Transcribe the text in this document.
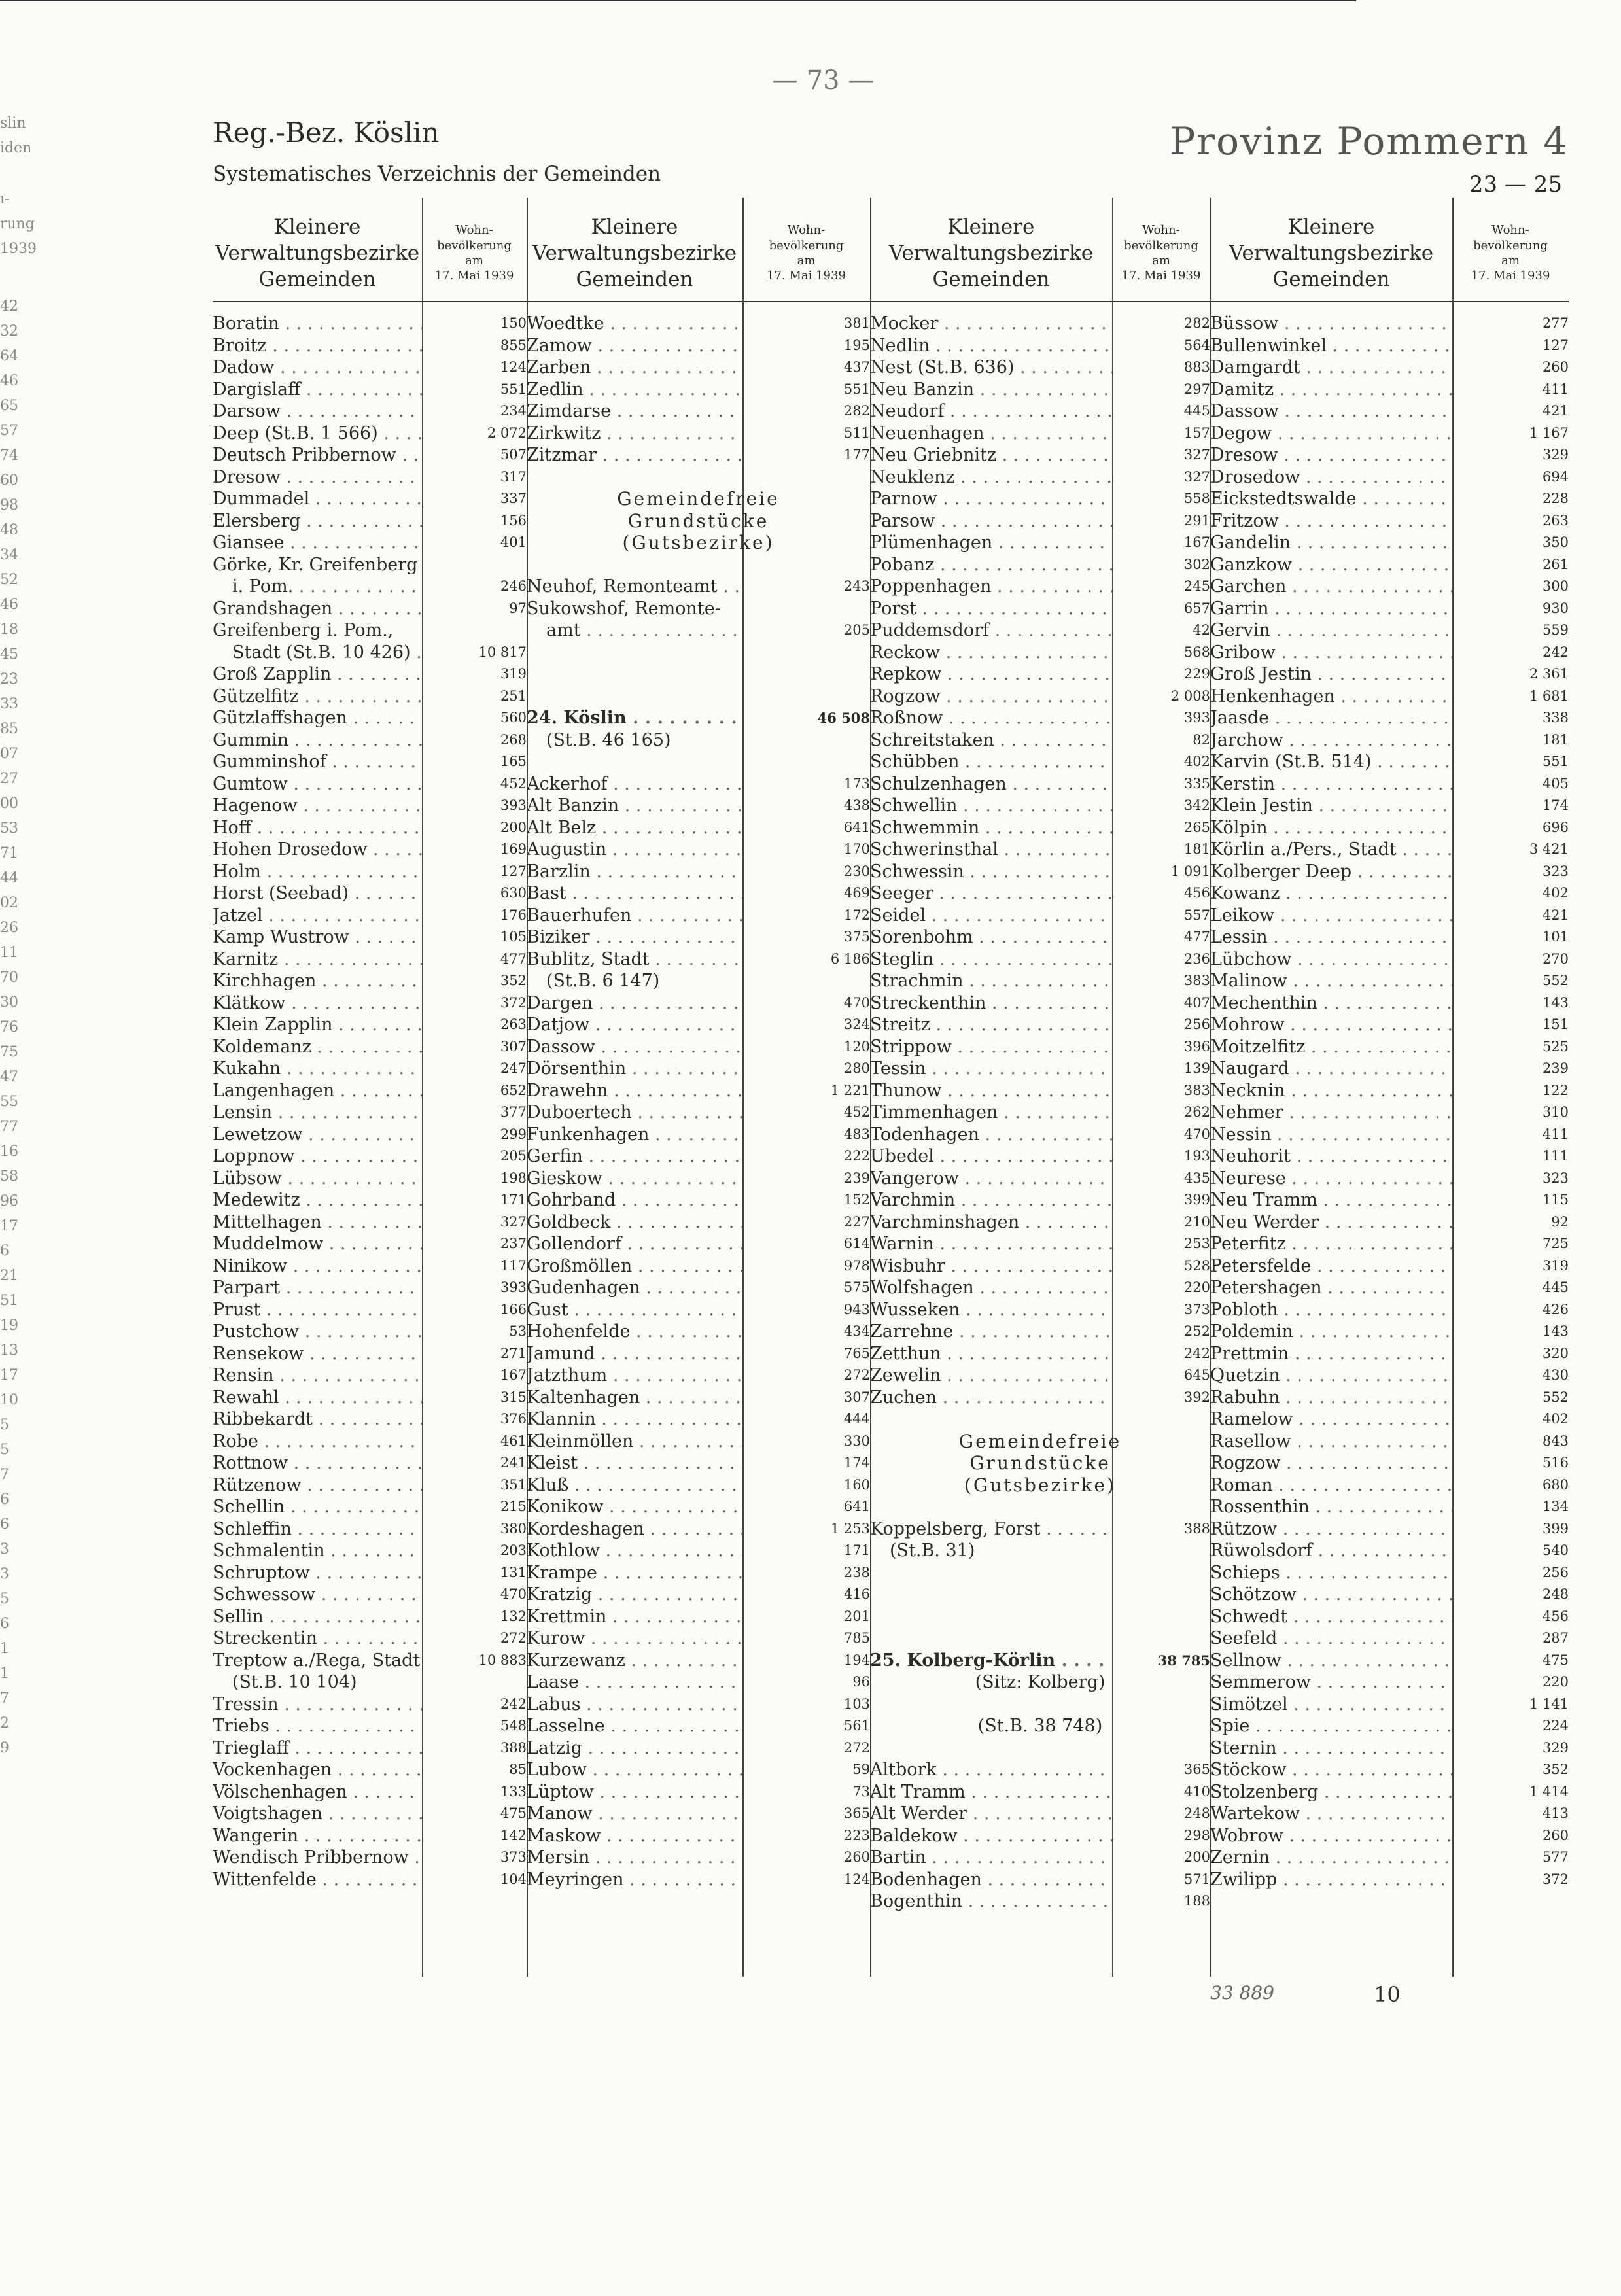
— 73 —
slin
iden
ı-
rung
1939
42
32
64
46
65
57
74
60
98
48
34
52
46
18
45
23
33
85
07
27
00
53
71
44
02
26
11
70
30
76
75
47
55
77
16
58
96
17
6
21
51
19
13
17
10
5
5
7
6
6
3
3
5
6
1
1
7
2
9
Reg.-Bez. Köslin
Systematisches Verzeichnis der Gemeinden
Provinz Pommern 4
23 — 25
Kleinere
Verwaltungsbezirke
Gemeinden
Wohn-
bevölkerung
am
17. Mai 1939
Kleinere
Verwaltungsbezirke
Gemeinden
Wohn-
bevölkerung
am
17. Mai 1939
Kleinere
Verwaltungsbezirke
Gemeinden
Wohn-
bevölkerung
am
17. Mai 1939
Kleinere
Verwaltungsbezirke
Gemeinden
Wohn-
bevölkerung
am
17. Mai 1939
Boratin . . .	150
Broitz . . .	855
Dadow . . .	124
Dargislaff . . .	551
Darsow . . .	234
Deep (St.B. 1 566) . . .	2 072
Deutsch Pribbernow . . .	507
Dresow . . .	317
Dummadel . . .	337
Elersberg . . .	156
Giansee . . .	401
Görke, Kr. Greifenberg . . .
i. Pom. . . .	246
Grandshagen . . .	97
Greifenberg i. Pom.,
Stadt (St.B. 10 426) . . .	10 817
Groß Zapplin . . .	319
Gützelfitz . . .	251
Gützlaffshagen . . .	560
Gummin . . .	268
Gumminshof . . .	165
Gumtow . . .	452
Hagenow . . .	393
Hoff . . .	200
Hohen Drosedow . . .	169
Holm . . .	127
Horst (Seebad) . . .	630
Jatzel . . .	176
Kamp Wustrow . . .	105
Karnitz . . .	477
Kirchhagen . . .	352
Klätkow . . .	372
Klein Zapplin . . .	263
Koldemanz . . .	307
Kukahn . . .	247
Langenhagen . . .	652
Lensin . . .	377
Lewetzow . . .	299
Loppnow . . .	205
Lübsow . . .	198
Medewitz . . .	171
Mittelhagen . . .	327
Muddelmow . . .	237
Ninikow . . .	117
Parpart . . .	393
Prust . . .	166
Pustchow . . .	53
Rensekow . . .	271
Rensin . . .	167
Rewahl . . .	315
Ribbekardt . . .	376
Robe . . .	461
Rottnow . . .	241
Rützenow . . .	351
Schellin . . .	215
Schleffin . . .	380
Schmalentin . . .	203
Schruptow . . .	131
Schwessow . . .	470
Sellin . . .	132
Streckentin . . .	272
Treptow a./Rega, Stadt . . .	10 883
(St.B. 10 104)
Tressin . . .	242
Triebs . . .	548
Trieglaff . . .	388
Vockenhagen . . .	85
Völschenhagen . . .	133
Voigtshagen . . .	475
Wangerin . . .	142
Wendisch Pribbernow . . .	373
Wittenfelde . . .	104
Woedtke . . .	381
Zamow . . .	195
Zarben . . .	437
Zedlin . . .	551
Zimdarse . . .	282
Zirkwitz . . .	511
Zitzmar . . .	177
Gemeindefreie
Grundstücke
(Gutsbezirke)
Neuhof, Remonteamt . . .	243
Sukowshof, Remonte-
amt . . .	205
24. Köslin . . .	46 508
(St.B. 46 165)
Ackerhof . . .	173
Alt Banzin . . .	438
Alt Belz . . .	641
Augustin . . .	170
Barzlin . . .	230
Bast . . .	469
Bauerhufen . . .	172
Biziker . . .	375
Bublitz, Stadt . . .	6 186
(St.B. 6 147)
Dargen . . .	470
Datjow . . .	324
Dassow . . .	120
Dörsenthin . . .	280
Drawehn . . .	1 221
Duboertech . . .	452
Funkenhagen . . .	483
Gerfin . . .	222
Gieskow . . .	239
Gohrband . . .	152
Goldbeck . . .	227
Gollendorf . . .	614
Großmöllen . . .	978
Gudenhagen . . .	575
Gust . . .	943
Hohenfelde . . .	434
Jamund . . .	765
Jatzthum . . .	272
Kaltenhagen . . .	307
Klannin . . .	444
Kleinmöllen . . .	330
Kleist . . .	174
Kluß . . .	160
Konikow . . .	641
Kordeshagen . . .	1 253
Kothlow . . .	171
Krampe . . .	238
Kratzig . . .	416
Krettmin . . .	201
Kurow . . .	785
Kurzewanz . . .	194
Laase . . .	96
Labus . . .	103
Lasselne . . .	561
Latzig . . .	272
Lubow . . .	59
Lüptow . . .	73
Manow . . .	365
Maskow . . .	223
Mersin . . .	260
Meyringen . . .	124
Mocker . . .	282
Nedlin . . .	564
Nest (St.B. 636) . . .	883
Neu Banzin . . .	297
Neudorf . . .	445
Neuenhagen . . .	157
Neu Griebnitz . . .	327
Neuklenz . . .	327
Parnow . . .	558
Parsow . . .	291
Plümenhagen . . .	167
Pobanz . . .	302
Poppenhagen . . .	245
Porst . . .	657
Puddemsdorf . . .	42
Reckow . . .	568
Repkow . . .	229
Rogzow . . .	2 008
Roßnow . . .	393
Schreitstaken . . .	82
Schübben . . .	402
Schulzenhagen . . .	335
Schwellin . . .	342
Schwemmin . . .	265
Schwerinsthal . . .	181
Schwessin . . .	1 091
Seeger . . .	456
Seidel . . .	557
Sorenbohm . . .	477
Steglin . . .	236
Strachmin . . .	383
Streckenthin . . .	407
Streitz . . .	256
Strippow . . .	396
Tessin . . .	139
Thunow . . .	383
Timmenhagen . . .	262
Todenhagen . . .	470
Ubedel . . .	193
Vangerow . . .	435
Varchmin . . .	399
Varchminshagen . . .	210
Warnin . . .	253
Wisbuhr . . .	528
Wolfshagen . . .	220
Wusseken . . .	373
Zarrehne . . .	252
Zetthun . . .	242
Zewelin . . .	645
Zuchen . . .	392
Gemeindefreie
Grundstücke
(Gutsbezirke)
Koppelsberg, Forst . . .	388
(St.B. 31)
25. Kolberg-Körlin . . .	38 785
(Sitz: Kolberg)
(St.B. 38 748)
Altbork . . .	365
Alt Tramm . . .	410
Alt Werder . . .	248
Baldekow . . .	298
Bartin . . .	200
Bodenhagen . . .	571
Bogenthin . . .	188
Büssow . . .	277
Bullenwinkel . . .	127
Damgardt . . .	260
Damitz . . .	411
Dassow . . .	421
Degow . . .	1 167
Dresow . . .	329
Drosedow . . .	694
Eickstedtswalde . . .	228
Fritzow . . .	263
Gandelin . . .	350
Ganzkow . . .	261
Garchen . . .	300
Garrin . . .	930
Gervin . . .	559
Gribow . . .	242
Groß Jestin . . .	2 361
Henkenhagen . . .	1 681
Jaasde . . .	338
Jarchow . . .	181
Karvin (St.B. 514) . . .	551
Kerstin . . .	405
Klein Jestin . . .	174
Kölpin . . .	696
Körlin a./Pers., Stadt . . .	3 421
Kolberger Deep . . .	323
Kowanz . . .	402
Leikow . . .	421
Lessin . . .	101
Lübchow . . .	270
Malinow . . .	552
Mechenthin . . .	143
Mohrow . . .	151
Moitzelfitz . . .	525
Naugard . . .	239
Necknin . . .	122
Nehmer . . .	310
Nessin . . .	411
Neuhorit . . .	111
Neurese . . .	323
Neu Tramm . . .	115
Neu Werder . . .	92
Peterfitz . . .	725
Petersfelde . . .	319
Petershagen . . .	445
Pobloth . . .	426
Poldemin . . .	143
Prettmin . . .	320
Quetzin . . .	430
Rabuhn . . .	552
Ramelow . . .	402
Rasellow . . .	843
Rogzow . . .	516
Roman . . .	680
Rossenthin . . .	134
Rützow . . .	399
Rüwolsdorf . . .	540
Schieps . . .	256
Schötzow . . .	248
Schwedt . . .	456
Seefeld . . .	287
Sellnow . . .	475
Semmerow . . .	220
Simötzel . . .	1 141
Spie . . .	224
Sternin . . .	329
Stöckow . . .	352
Stolzenberg . . .	1 414
Wartekow . . .	413
Wobrow . . .	260
Zernin . . .	577
Zwilipp . . .	372
33 889	10
